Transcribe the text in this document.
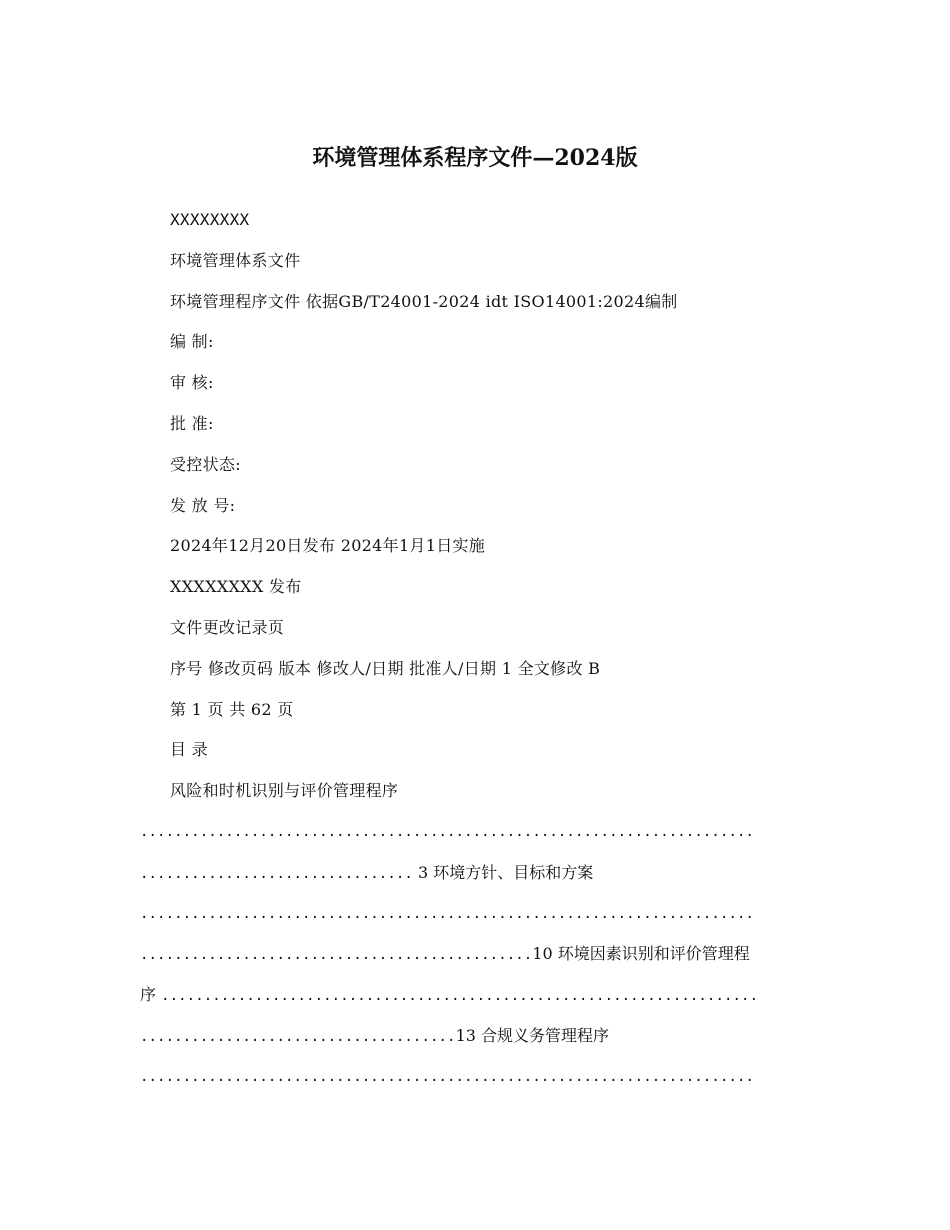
环境管理体系程序文件—2024版
XXXXXXXX
环境管理体系文件
环境管理程序文件 依据GB/T24001-2024 idt ISO14001:2024编制
编 制:
审 核:
批 准:
受控状态:
发 放 号:
2024年12月20日发布 2024年1月1日实施
XXXXXXXX 发布
文件更改记录页
序号 修改页码 版本 修改人/日期 批准人/日期 1 全文修改 B
第 1 页 共 62 页
目 录
风险和时机识别与评价管理程序
........................................................................
................................ 3 环境方针、目标和方案
........................................................................
..............................................10 环境因素识别和评价管理程
序 ......................................................................
.....................................13 合规义务管理程序
........................................................................
